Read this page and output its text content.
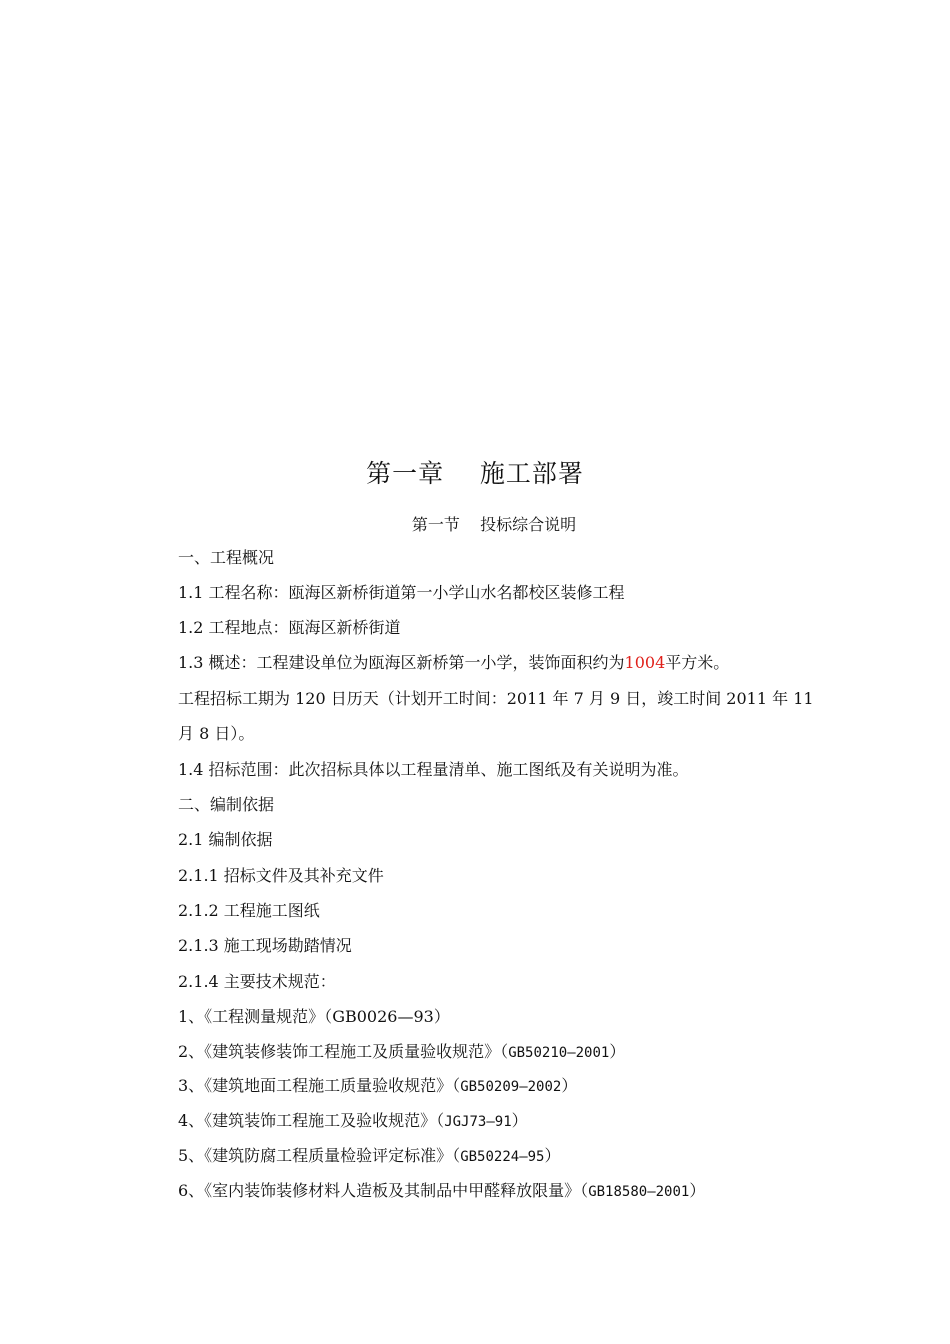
第一章    施工部署
第一节    投标综合说明
一、工程概况
1.1 工程名称：瓯海区新桥街道第一小学山水名都校区装修工程
1.2 工程地点：瓯海区新桥街道
1.3 概述：工程建设单位为瓯海区新桥第一小学，装饰面积约为1004平方米。
工程招标工期为 120 日历天（计划开工时间：2011 年 7 月 9 日，竣工时间 2011 年 11
月 8 日）。
1.4 招标范围：此次招标具体以工程量清单、施工图纸及有关说明为准。
二、编制依据
2.1 编制依据
2.1.1 招标文件及其补充文件
2.1.2 工程施工图纸
2.1.3 施工现场勘踏情况
2.1.4 主要技术规范：
1、《工程测量规范》（GB0026—93）
2、《建筑装修装饰工程施工及质量验收规范》（GB50210—2001）
3、《建筑地面工程施工质量验收规范》（GB50209—2002）
4、《建筑装饰工程施工及验收规范》（JGJ73—91）
5、《建筑防腐工程质量检验评定标准》（GB50224—95）
6、《室内装饰装修材料人造板及其制品中甲醛释放限量》（GB18580—2001）
